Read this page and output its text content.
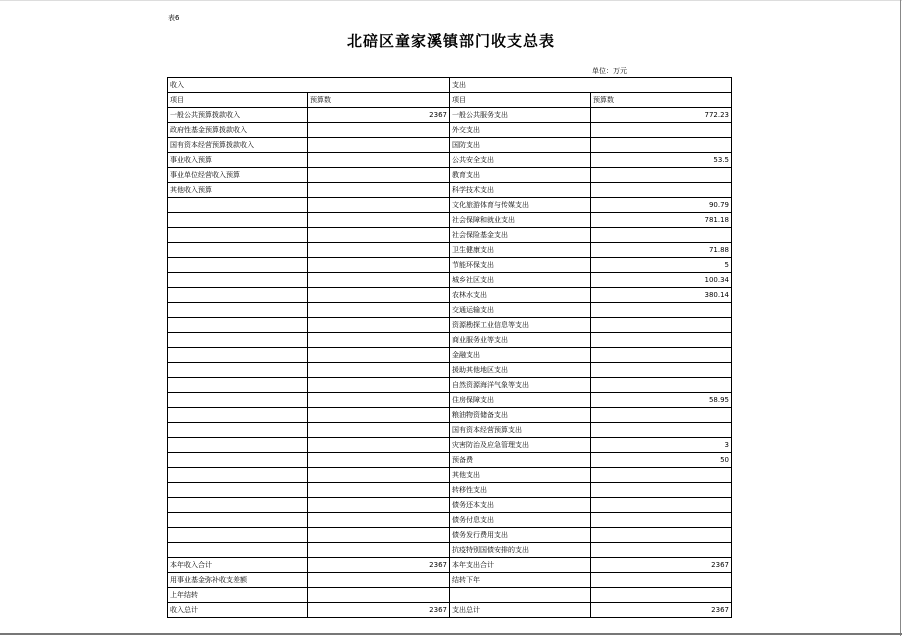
表6
北碚区童家溪镇部门收支总表
单位：万元
收入		支出	
项目	预算数	项目	预算数
一般公共预算拨款收入	2367	一般公共服务支出	772.23
政府性基金预算拨款收入		外交支出	
国有资本经营预算拨款收入		国防支出	
事业收入预算		公共安全支出	53.5
事业单位经营收入预算		教育支出	
其他收入预算		科学技术支出	
		文化旅游体育与传媒支出	90.79
		社会保障和就业支出	781.18
		社会保险基金支出	
		卫生健康支出	71.88
		节能环保支出	5
		城乡社区支出	100.34
		农林水支出	380.14
		交通运输支出	
		资源勘探工业信息等支出	
		商业服务业等支出	
		金融支出	
		援助其他地区支出	
		自然资源海洋气象等支出	
		住房保障支出	58.95
		粮油物资储备支出	
		国有资本经营预算支出	
		灾害防治及应急管理支出	3
		预备费	50
		其他支出	
		转移性支出	
		债务还本支出	
		债务付息支出	
		债务发行费用支出	
		抗疫特别国债安排的支出	
本年收入合计	2367	本年支出合计	2367
用事业基金弥补收支差额		结转下年	
上年结转			
收入总计	2367	支出总计	2367
